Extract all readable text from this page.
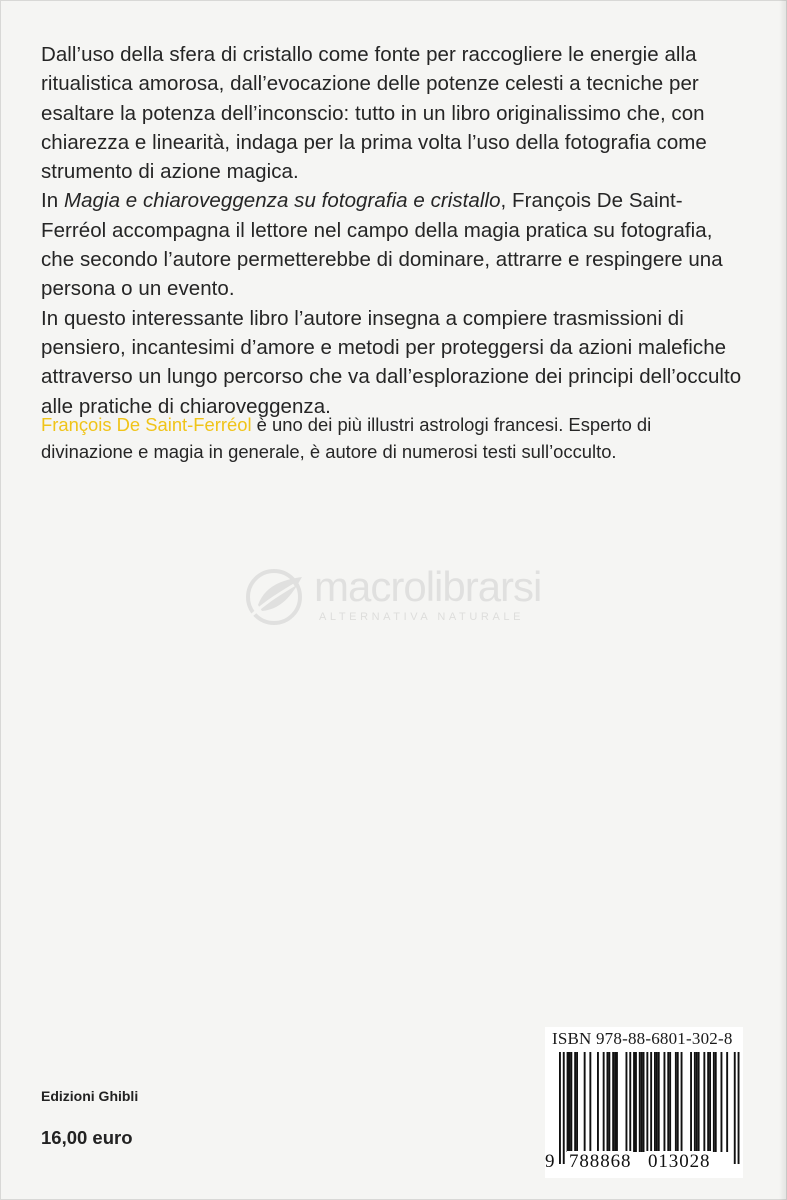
Dall’uso della sfera di cristallo come fonte per raccogliere le energie alla ritualistica amorosa, dall’evocazione delle potenze celesti a tecniche per esaltare la potenza dell’inconscio: tutto in un libro originalissimo che, con chiarezza e linearità, indaga per la prima volta l’uso della fotografia come strumento di azione magica.

In Magia e chiaroveggenza su fotografia e cristallo, François De Saint-Ferréol accompagna il lettore nel campo della magia pratica su fotografia, che secondo l’autore permetterebbe di dominare, attrarre e respingere una persona o un evento.

In questo interessante libro l’autore insegna a compiere trasmissioni di pensiero, incantesimi d’amore e metodi per proteggersi da azioni malefiche attraverso un lungo percorso che va dall’esplorazione dei principi dell’occulto alle pratiche di chiaroveggenza.

François De Saint-Ferréol è uno dei più illustri astrologi francesi. Esperto di divinazione e magia in generale, è autore di numerosi testi sull’occulto.
macrolibrarsi
ALTERNATIVA NATURALE
Edizioni Ghibli
16,00 euro
ISBN 978-88-6801-302-8
9 788868 013028
